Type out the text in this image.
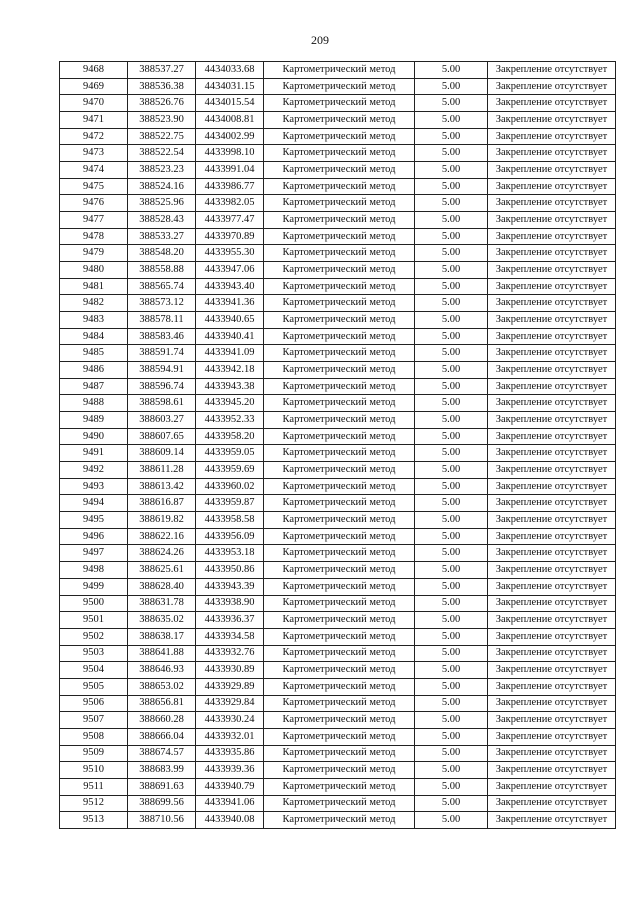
209
9468	388537.27	4434033.68	Картометрический метод	5.00	Закрепление отсутствует
9469	388536.38	4434031.15	Картометрический метод	5.00	Закрепление отсутствует
9470	388526.76	4434015.54	Картометрический метод	5.00	Закрепление отсутствует
9471	388523.90	4434008.81	Картометрический метод	5.00	Закрепление отсутствует
9472	388522.75	4434002.99	Картометрический метод	5.00	Закрепление отсутствует
9473	388522.54	4433998.10	Картометрический метод	5.00	Закрепление отсутствует
9474	388523.23	4433991.04	Картометрический метод	5.00	Закрепление отсутствует
9475	388524.16	4433986.77	Картометрический метод	5.00	Закрепление отсутствует
9476	388525.96	4433982.05	Картометрический метод	5.00	Закрепление отсутствует
9477	388528.43	4433977.47	Картометрический метод	5.00	Закрепление отсутствует
9478	388533.27	4433970.89	Картометрический метод	5.00	Закрепление отсутствует
9479	388548.20	4433955.30	Картометрический метод	5.00	Закрепление отсутствует
9480	388558.88	4433947.06	Картометрический метод	5.00	Закрепление отсутствует
9481	388565.74	4433943.40	Картометрический метод	5.00	Закрепление отсутствует
9482	388573.12	4433941.36	Картометрический метод	5.00	Закрепление отсутствует
9483	388578.11	4433940.65	Картометрический метод	5.00	Закрепление отсутствует
9484	388583.46	4433940.41	Картометрический метод	5.00	Закрепление отсутствует
9485	388591.74	4433941.09	Картометрический метод	5.00	Закрепление отсутствует
9486	388594.91	4433942.18	Картометрический метод	5.00	Закрепление отсутствует
9487	388596.74	4433943.38	Картометрический метод	5.00	Закрепление отсутствует
9488	388598.61	4433945.20	Картометрический метод	5.00	Закрепление отсутствует
9489	388603.27	4433952.33	Картометрический метод	5.00	Закрепление отсутствует
9490	388607.65	4433958.20	Картометрический метод	5.00	Закрепление отсутствует
9491	388609.14	4433959.05	Картометрический метод	5.00	Закрепление отсутствует
9492	388611.28	4433959.69	Картометрический метод	5.00	Закрепление отсутствует
9493	388613.42	4433960.02	Картометрический метод	5.00	Закрепление отсутствует
9494	388616.87	4433959.87	Картометрический метод	5.00	Закрепление отсутствует
9495	388619.82	4433958.58	Картометрический метод	5.00	Закрепление отсутствует
9496	388622.16	4433956.09	Картометрический метод	5.00	Закрепление отсутствует
9497	388624.26	4433953.18	Картометрический метод	5.00	Закрепление отсутствует
9498	388625.61	4433950.86	Картометрический метод	5.00	Закрепление отсутствует
9499	388628.40	4433943.39	Картометрический метод	5.00	Закрепление отсутствует
9500	388631.78	4433938.90	Картометрический метод	5.00	Закрепление отсутствует
9501	388635.02	4433936.37	Картометрический метод	5.00	Закрепление отсутствует
9502	388638.17	4433934.58	Картометрический метод	5.00	Закрепление отсутствует
9503	388641.88	4433932.76	Картометрический метод	5.00	Закрепление отсутствует
9504	388646.93	4433930.89	Картометрический метод	5.00	Закрепление отсутствует
9505	388653.02	4433929.89	Картометрический метод	5.00	Закрепление отсутствует
9506	388656.81	4433929.84	Картометрический метод	5.00	Закрепление отсутствует
9507	388660.28	4433930.24	Картометрический метод	5.00	Закрепление отсутствует
9508	388666.04	4433932.01	Картометрический метод	5.00	Закрепление отсутствует
9509	388674.57	4433935.86	Картометрический метод	5.00	Закрепление отсутствует
9510	388683.99	4433939.36	Картометрический метод	5.00	Закрепление отсутствует
9511	388691.63	4433940.79	Картометрический метод	5.00	Закрепление отсутствует
9512	388699.56	4433941.06	Картометрический метод	5.00	Закрепление отсутствует
9513	388710.56	4433940.08	Картометрический метод	5.00	Закрепление отсутствует
